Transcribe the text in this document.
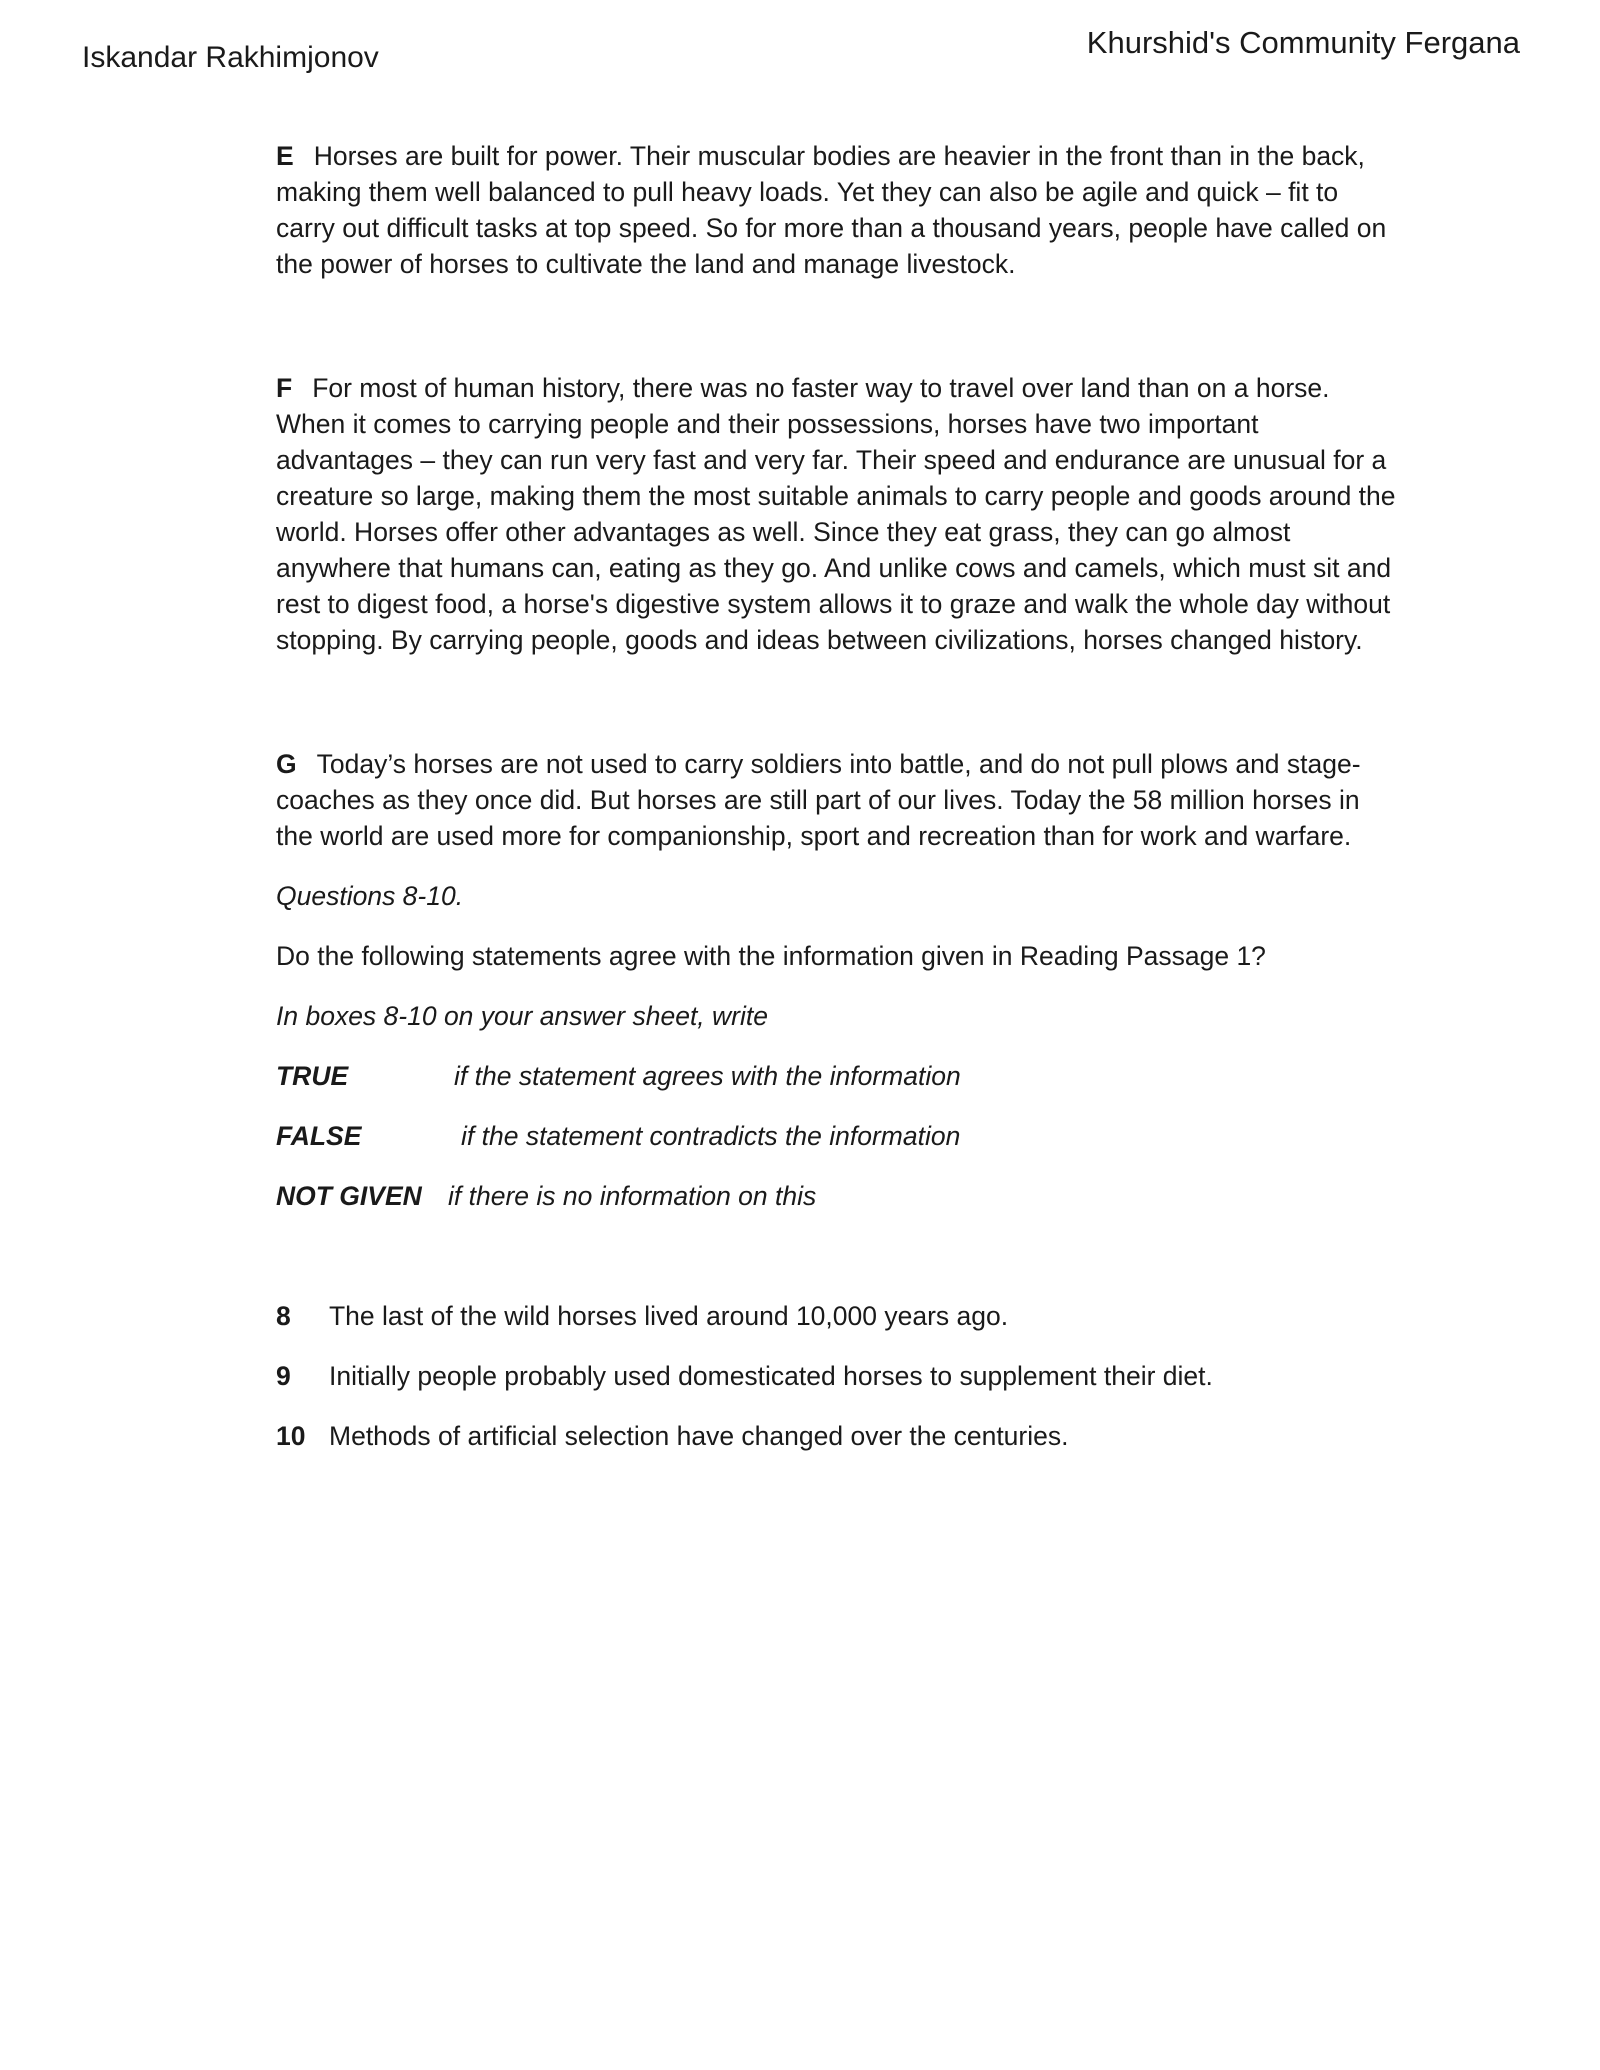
Iskandar Rakhimjonov	Khurshid's Community Fergana
E Horses are built for power. Their muscular bodies are heavier in the front than in the back,
making them well balanced to pull heavy loads. Yet they can also be agile and quick – fit to
carry out difficult tasks at top speed. So for more than a thousand years, people have called on
the power of horses to cultivate the land and manage livestock.
F For most of human history, there was no faster way to travel over land than on a horse.
When it comes to carrying people and their possessions, horses have two important
advantages – they can run very fast and very far. Their speed and endurance are unusual for a
creature so large, making them the most suitable animals to carry people and goods around the
world. Horses offer other advantages as well. Since they eat grass, they can go almost
anywhere that humans can, eating as they go. And unlike cows and camels, which must sit and
rest to digest food, a horse's digestive system allows it to graze and walk the whole day without
stopping. By carrying people, goods and ideas between civilizations, horses changed history.
G Today’s horses are not used to carry soldiers into battle, and do not pull plows and stage-
coaches as they once did. But horses are still part of our lives. Today the 58 million horses in
the world are used more for companionship, sport and recreation than for work and warfare.
Questions 8-10.
Do the following statements agree with the information given in Reading Passage 1?
In boxes 8-10 on your answer sheet, write
TRUE	if the statement agrees with the information
FALSE	if the statement contradicts the information
NOT GIVEN if there is no information on this
8	The last of the wild horses lived around 10,000 years ago.
9	Initially people probably used domesticated horses to supplement their diet.
10 Methods of artificial selection have changed over the centuries.
